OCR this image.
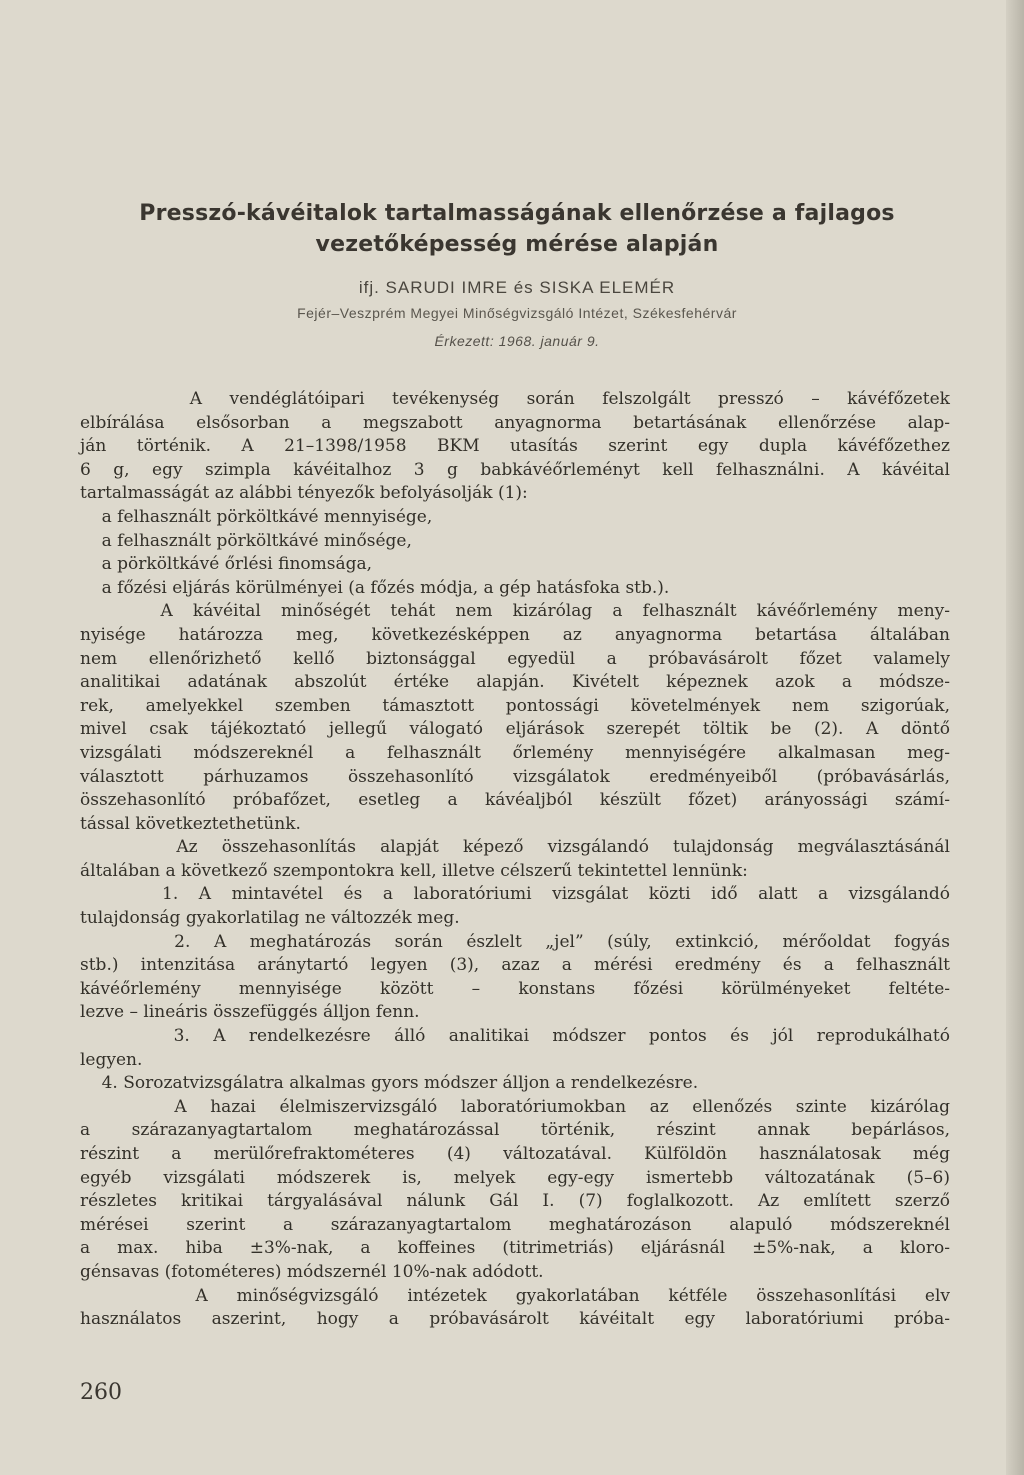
Presszó-kávéitalok tartalmasságának ellenőrzése a fajlagos
vezetőképesség mérése alapján
ifj. SARUDI IMRE és SISKA ELEMÉR
Fejér–Veszprém Megyei Minőségvizsgáló Intézet, Székesfehérvár
Érkezett: 1968. január 9.
A vendéglátóipari tevékenység során felszolgált presszó – kávéfőzetek
elbírálása elsősorban a megszabott anyagnorma betartásának ellenőrzése alap-
ján történik. A 21–1398/1958 BKM utasítás szerint egy dupla kávéfőzethez
6 g, egy szimpla kávéitalhoz 3 g babkávéőrleményt kell felhasználni. A kávéital
tartalmasságát az alábbi tényezők befolyásolják (1):
a felhasznált pörköltkávé mennyisége,
a felhasznált pörköltkávé minősége,
a pörköltkávé őrlési finomsága,
a főzési eljárás körülményei (a főzés módja, a gép hatásfoka stb.).
A kávéital minőségét tehát nem kizárólag a felhasznált kávéőrlemény meny-
nyisége határozza meg, következésképpen az anyagnorma betartása általában
nem ellenőrizhető kellő biztonsággal egyedül a próbavásárolt főzet valamely
analitikai adatának abszolút értéke alapján. Kivételt képeznek azok a módsze-
rek, amelyekkel szemben támasztott pontossági követelmények nem szigorúak,
mivel csak tájékoztató jellegű válogató eljárások szerepét töltik be (2). A döntő
vizsgálati módszereknél a felhasznált őrlemény mennyiségére alkalmasan meg-
választott párhuzamos összehasonlító vizsgálatok eredményeiből (próbavásárlás,
összehasonlító próbafőzet, esetleg a kávéaljból készült főzet) arányossági számí-
tással következtethetünk.
Az összehasonlítás alapját képező vizsgálandó tulajdonság megválasztásánál
általában a következő szempontokra kell, illetve célszerű tekintettel lennünk:
1. A mintavétel és a laboratóriumi vizsgálat közti idő alatt a vizsgálandó
tulajdonság gyakorlatilag ne változzék meg.
2. A meghatározás során észlelt „jel” (súly, extinkció, mérőoldat fogyás
stb.) intenzitása aránytartó legyen (3), azaz a mérési eredmény és a felhasznált
kávéőrlemény mennyisége között – konstans főzési körülményeket feltéte-
lezve – lineáris összefüggés álljon fenn.
3. A rendelkezésre álló analitikai módszer pontos és jól reprodukálható
legyen.
4. Sorozatvizsgálatra alkalmas gyors módszer álljon a rendelkezésre.
A hazai élelmiszervizsgáló laboratóriumokban az ellenőzés szinte kizárólag
a szárazanyagtartalom meghatározással történik, részint annak bepárlásos,
részint a merülőrefraktométeres (4) változatával. Külföldön használatosak még
egyéb vizsgálati módszerek is, melyek egy-egy ismertebb változatának (5–6)
részletes kritikai tárgyalásával nálunk Gál I. (7) foglalkozott. Az említett szerző
mérései szerint a szárazanyagtartalom meghatározáson alapuló módszereknél
a max. hiba ±3%-nak, a koffeines (titrimetriás) eljárásnál ±5%-nak, a kloro-
génsavas (fotométeres) módszernél 10%-nak adódott.
A minőségvizsgáló intézetek gyakorlatában kétféle összehasonlítási elv
használatos aszerint, hogy a próbavásárolt kávéitalt egy laboratóriumi próba-
260
